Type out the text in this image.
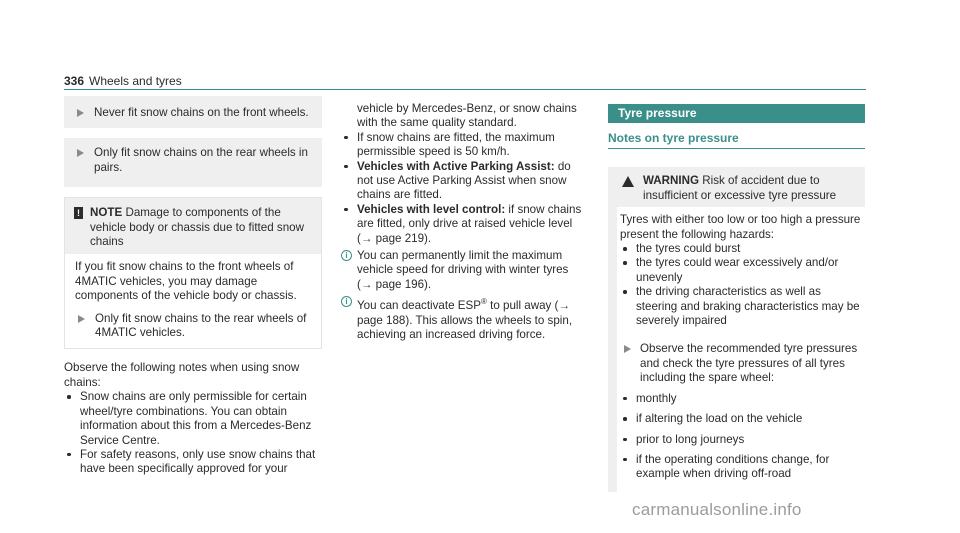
336 Wheels and tyres
Never fit snow chains on the front wheels.
Only fit snow chains on the rear wheels in pairs.
! NOTE Damage to components of the vehicle body or chassis due to fitted snow chains
If you fit snow chains to the front wheels of 4MATIC vehicles, you may damage components of the vehicle body or chassis.
Only fit snow chains to the rear wheels of 4MATIC vehicles.
Observe the following notes when using snow chains:
Snow chains are only permissible for certain wheel/tyre combinations. You can obtain information about this from a Mercedes-Benz Service Centre.
For safety reasons, only use snow chains that have been specifically approved for your
vehicle by Mercedes-Benz, or snow chains with the same quality standard.
If snow chains are fitted, the maximum permissible speed is 50 km/h.
Vehicles with Active Parking Assist: do not use Active Parking Assist when snow chains are fitted.
Vehicles with level control: if snow chains are fitted, only drive at raised vehicle level (→ page 219).
i You can permanently limit the maximum vehicle speed for driving with winter tyres (→ page 196).
i You can deactivate ESP® to pull away (→ page 188). This allows the wheels to spin, achieving an increased driving force.
Tyre pressure
Notes on tyre pressure
WARNING Risk of accident due to insufficient or excessive tyre pressure
Tyres with either too low or too high a pressure present the following hazards:
the tyres could burst
the tyres could wear excessively and/or unevenly
the driving characteristics as well as steering and braking characteristics may be severely impaired
Observe the recommended tyre pressures and check the tyre pressures of all tyres including the spare wheel:
monthly
if altering the load on the vehicle
prior to long journeys
if the operating conditions change, for example when driving off-road
carmanualsonline.info
